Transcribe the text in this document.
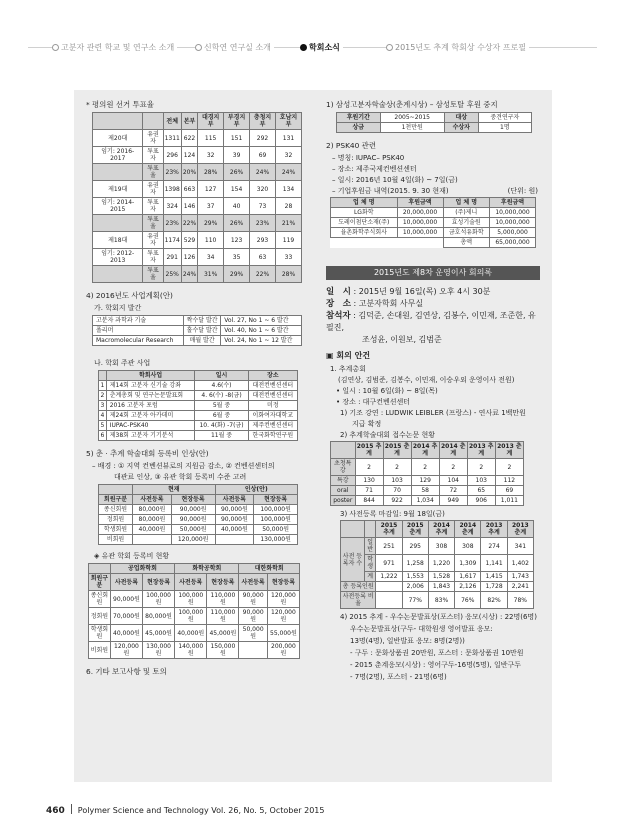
고분자 관련 학교 및 연구소 소개	신학연 연구실 소개	학회소식	2015년도 추계 학회상 수상자 프로필
* 평의원 선거 투표율
		전체	본부	대경지부	부경지부	충청지부	호남지부
제20대	유권자	1311	622	115	151	292	131
임기: 2016-2017	투표자	296	124	32	39	69	32
	투표율	23%	20%	28%	26%	24%	24%
제19대	유권자	1398	663	127	154	320	134
임기: 2014-2015	투표자	324	146	37	40	73	28
	투표율	23%	22%	29%	26%	23%	21%
제18대	유권자	1174	529	110	123	293	119
임기: 2012-2013	투표자	291	126	34	35	63	33
	투표율	25%	24%	31%	29%	22%	28%
4) 2016년도 사업계획(안)
가. 학회지 발간
고분자 과학과 기술	짝수달 발간	Vol. 27, No 1 ~ 6 발간
폴리머	홀수달 발간	Vol. 40, No 1 ~ 6 발간
Macromolecular Research	매월 발간	Vol. 24, No 1 ~ 12 발간
나. 학회 주관 사업
	학회사업	일시	장소
1	제14회 고분자 신기술 강좌	4.6(수)	대전컨벤션센터
2	춘계총회 및 연구논문발표회	4. 6(수) -8(금)	대전컨벤션센터
3	2016 고분자 포럼	5월 중	미정
4	제24회 고분자 아카데미	6월 중	이화여자대학교
5	IUPAC-PSK40	10. 4(화) -7(금)	제주컨벤션센터
6	제38회 고분자 기기분석	11월 중	한국화학연구원
5) 춘 · 추계 학술대회 등록비 인상(안)
– 배경 : ① 지역 컨벤션뷰로의 지원금 감소, ② 컨벤션센터의
대관료 인상, ③ 유관 학회 등록비 수준 고려
	현재		인상(안)	
회원구분	사전등록	현장등록	사전등록	현장등록
종신회원	80,000원	90,000원	90,000원	100,000원
정회원	80,000원	90,000원	90,000원	100,000원
학생회원	40,000원	50,000원	40,000원	50,000원
비회원		120,000원		130,000원
◈ 유관 학회 등록비 현황
	공업화학회		화학공학회		대한화학회	
회원구분	사전등록	현장등록	사전등록	현장등록	사전등록	현장등록
종신회원	90,000원	100,000원	100,000원	110,000원	90,000원	120,000원
정회원	70,000원	80,000원	100,000원	110,000원	90,000원	120,000원
학생회원	40,000원	45,000원	40,000원	45,000원	50,000원	55,000원
비회원	120,000원	130,000원	140,000원	150,000원		200,000원
6. 기타 보고사항 및 토의
1) 삼성고분자학술상(춘계시상) – 삼성토탈 후원 중지
후원기간	2005~2015	대상	중견연구자
상금	1천만원	수상자	1명
2) PSK40 관련
– 명칭: IUPAC– PSK40
– 장소: 제주국제컨벤션센터
– 일시: 2016년 10월 4일(화) ~ 7일(금)
– 기업후원금 내역(2015. 9. 30 현재)	(단위: 원)
업 체 명	후원금액	업 체 명	후원금액
LG화학	20,000,000	(주)제니	10,000,000
도레이첨단소재(주)	10,000,000	효성기술원	10,000,000
율촌화학주식회사	10,000,000	금호석유화학	5,000,000
		총액	65,000,000
2015년도 제8차 운영이사 회의록
일　시 : 2015년 9월 16일(목) 오후 4시 30분
장　소 : 고분자학회 사무실
참석자 : 김덕준, 손대원, 김연상, 김봉수, 이민재, 조준한, 유필진,
조성윤, 이원보, 김범준
▣ 회의 안건
1. 추계총회
(김연상, 김범준, 김봉수, 이민재, 이승우외 운영이사 전원)
• 일시 : 10월 6일(화) ~ 8일(목)
• 장소 : 대구컨벤션센터
1) 기조 강연 : LUDWIK LEIBLER (프랑스) - 연사료 1백만원
지급 확정
2) 추계학술대회 접수논문 현황
	2015 추계	2015 춘계	2014 추계	2014 춘계	2013 추계	2013 춘계
초청특강	2	2	2	2	2	2
특강	130	103	129	104	103	112
oral	71	70	58	72	65	69
poster	844	922	1,034	949	906	1,011
3) 사전등록 마감일: 9월 18일(금)
		2015 추계	2015 춘계	2014 추계	2014 춘계	2013 추계	2013 춘계
사전 등록자 수	일반	251	295	308	308	274	341
	학생	971	1,258	1,220	1,309	1,141	1,402
	계	1,222	1,553	1,528	1,617	1,415	1,743
총 등록인원			2,006	1,843	2,126	1,728	2,241
사전등록 비율			77%	83%	76%	82%	78%
4) 2015 추계 - 우수논문발표상(포스터) 응모(시상) : 22명(6명)
우수논문발표상(구두- 대학원생 영어발표 응모:
13명(4명), 일반발표 응모: 8명(2명))
- 구두 : 문화상품권 20만원, 포스터 : 문화상품권 10만원
- 2015 춘계응모(시상) : 영어구두-16명(5명), 일반구두
- 7명(2명), 포스터 - 21명(6명)
460 Polymer Science and Technology Vol. 26, No. 5, October 2015
